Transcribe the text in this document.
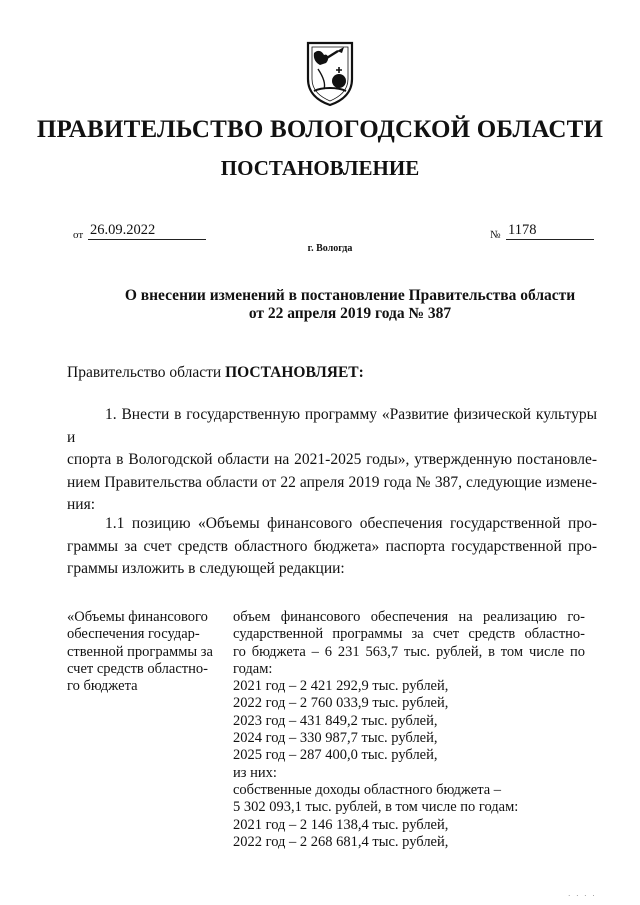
ПРАВИТЕЛЬСТВО ВОЛОГОДСКОЙ ОБЛАСТИ
ПОСТАНОВЛЕНИЕ
от 26.09.2022	№ 1178
г. Вологда
О внесении изменений в постановление Правительства области
от 22 апреля 2019 года № 387
Правительство области ПОСТАНОВЛЯЕТ:
1. Внести в государственную программу «Развитие физической культуры и
спорта в Вологодской области на 2021-2025 годы», утвержденную постановле-
нием Правительства области от 22 апреля 2019 года № 387, следующие измене-
ния:
1.1 позицию «Объемы финансового обеспечения государственной про-
граммы за счет средств областного бюджета» паспорта государственной про-
граммы изложить в следующей редакции:
«Объемы финансового
обеспечения государ-
ственной программы за
счет средств областно-
го бюджета
объем финансового обеспечения на реализацию го-
сударственной программы за счет средств областно-
го бюджета – 6 231 563,7 тыс. рублей, в том числе по
годам:
2021 год – 2 421 292,9 тыс. рублей,
2022 год – 2 760 033,9 тыс. рублей,
2023 год – 431 849,2 тыс. рублей,
2024 год – 330 987,7 тыс. рублей,
2025 год – 287 400,0 тыс. рублей,
из них:
собственные доходы областного бюджета –
5 302 093,1 тыс. рублей, в том числе по годам:
2021 год – 2 146 138,4 тыс. рублей,
2022 год – 2 268 681,4 тыс. рублей,
· · · ·
